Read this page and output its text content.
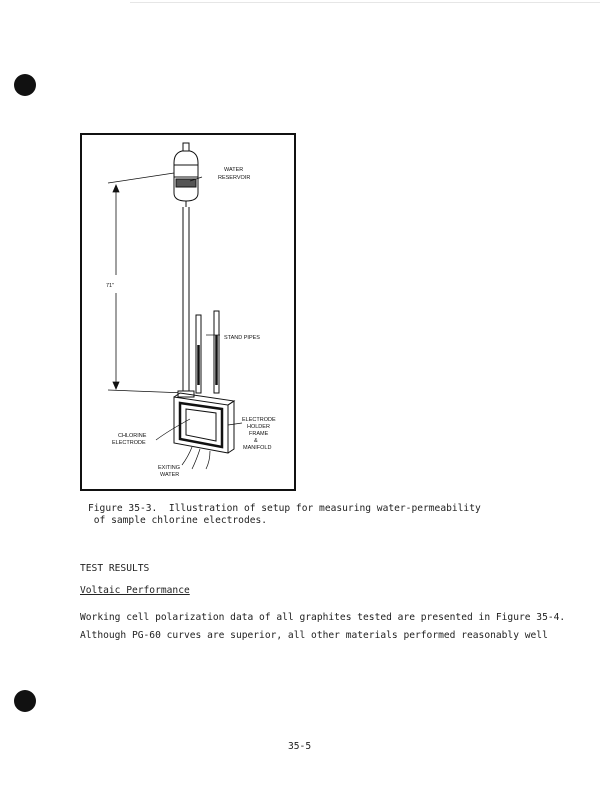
WATER
RESERVOIR
71"
STAND PIPES
ELECTRODE
HOLDER
FRAME
&
MANIFOLD
CHLORINE
ELECTRODE
EXITING
WATER
Figure 35-3.  Illustration of setup for measuring water-permeability
of sample chlorine electrodes.
TEST RESULTS
Voltaic Performance
Working cell polarization data of all graphites tested are presented in Figure 35-4.
Although PG-60 curves are superior, all other materials performed reasonably well
35-5
